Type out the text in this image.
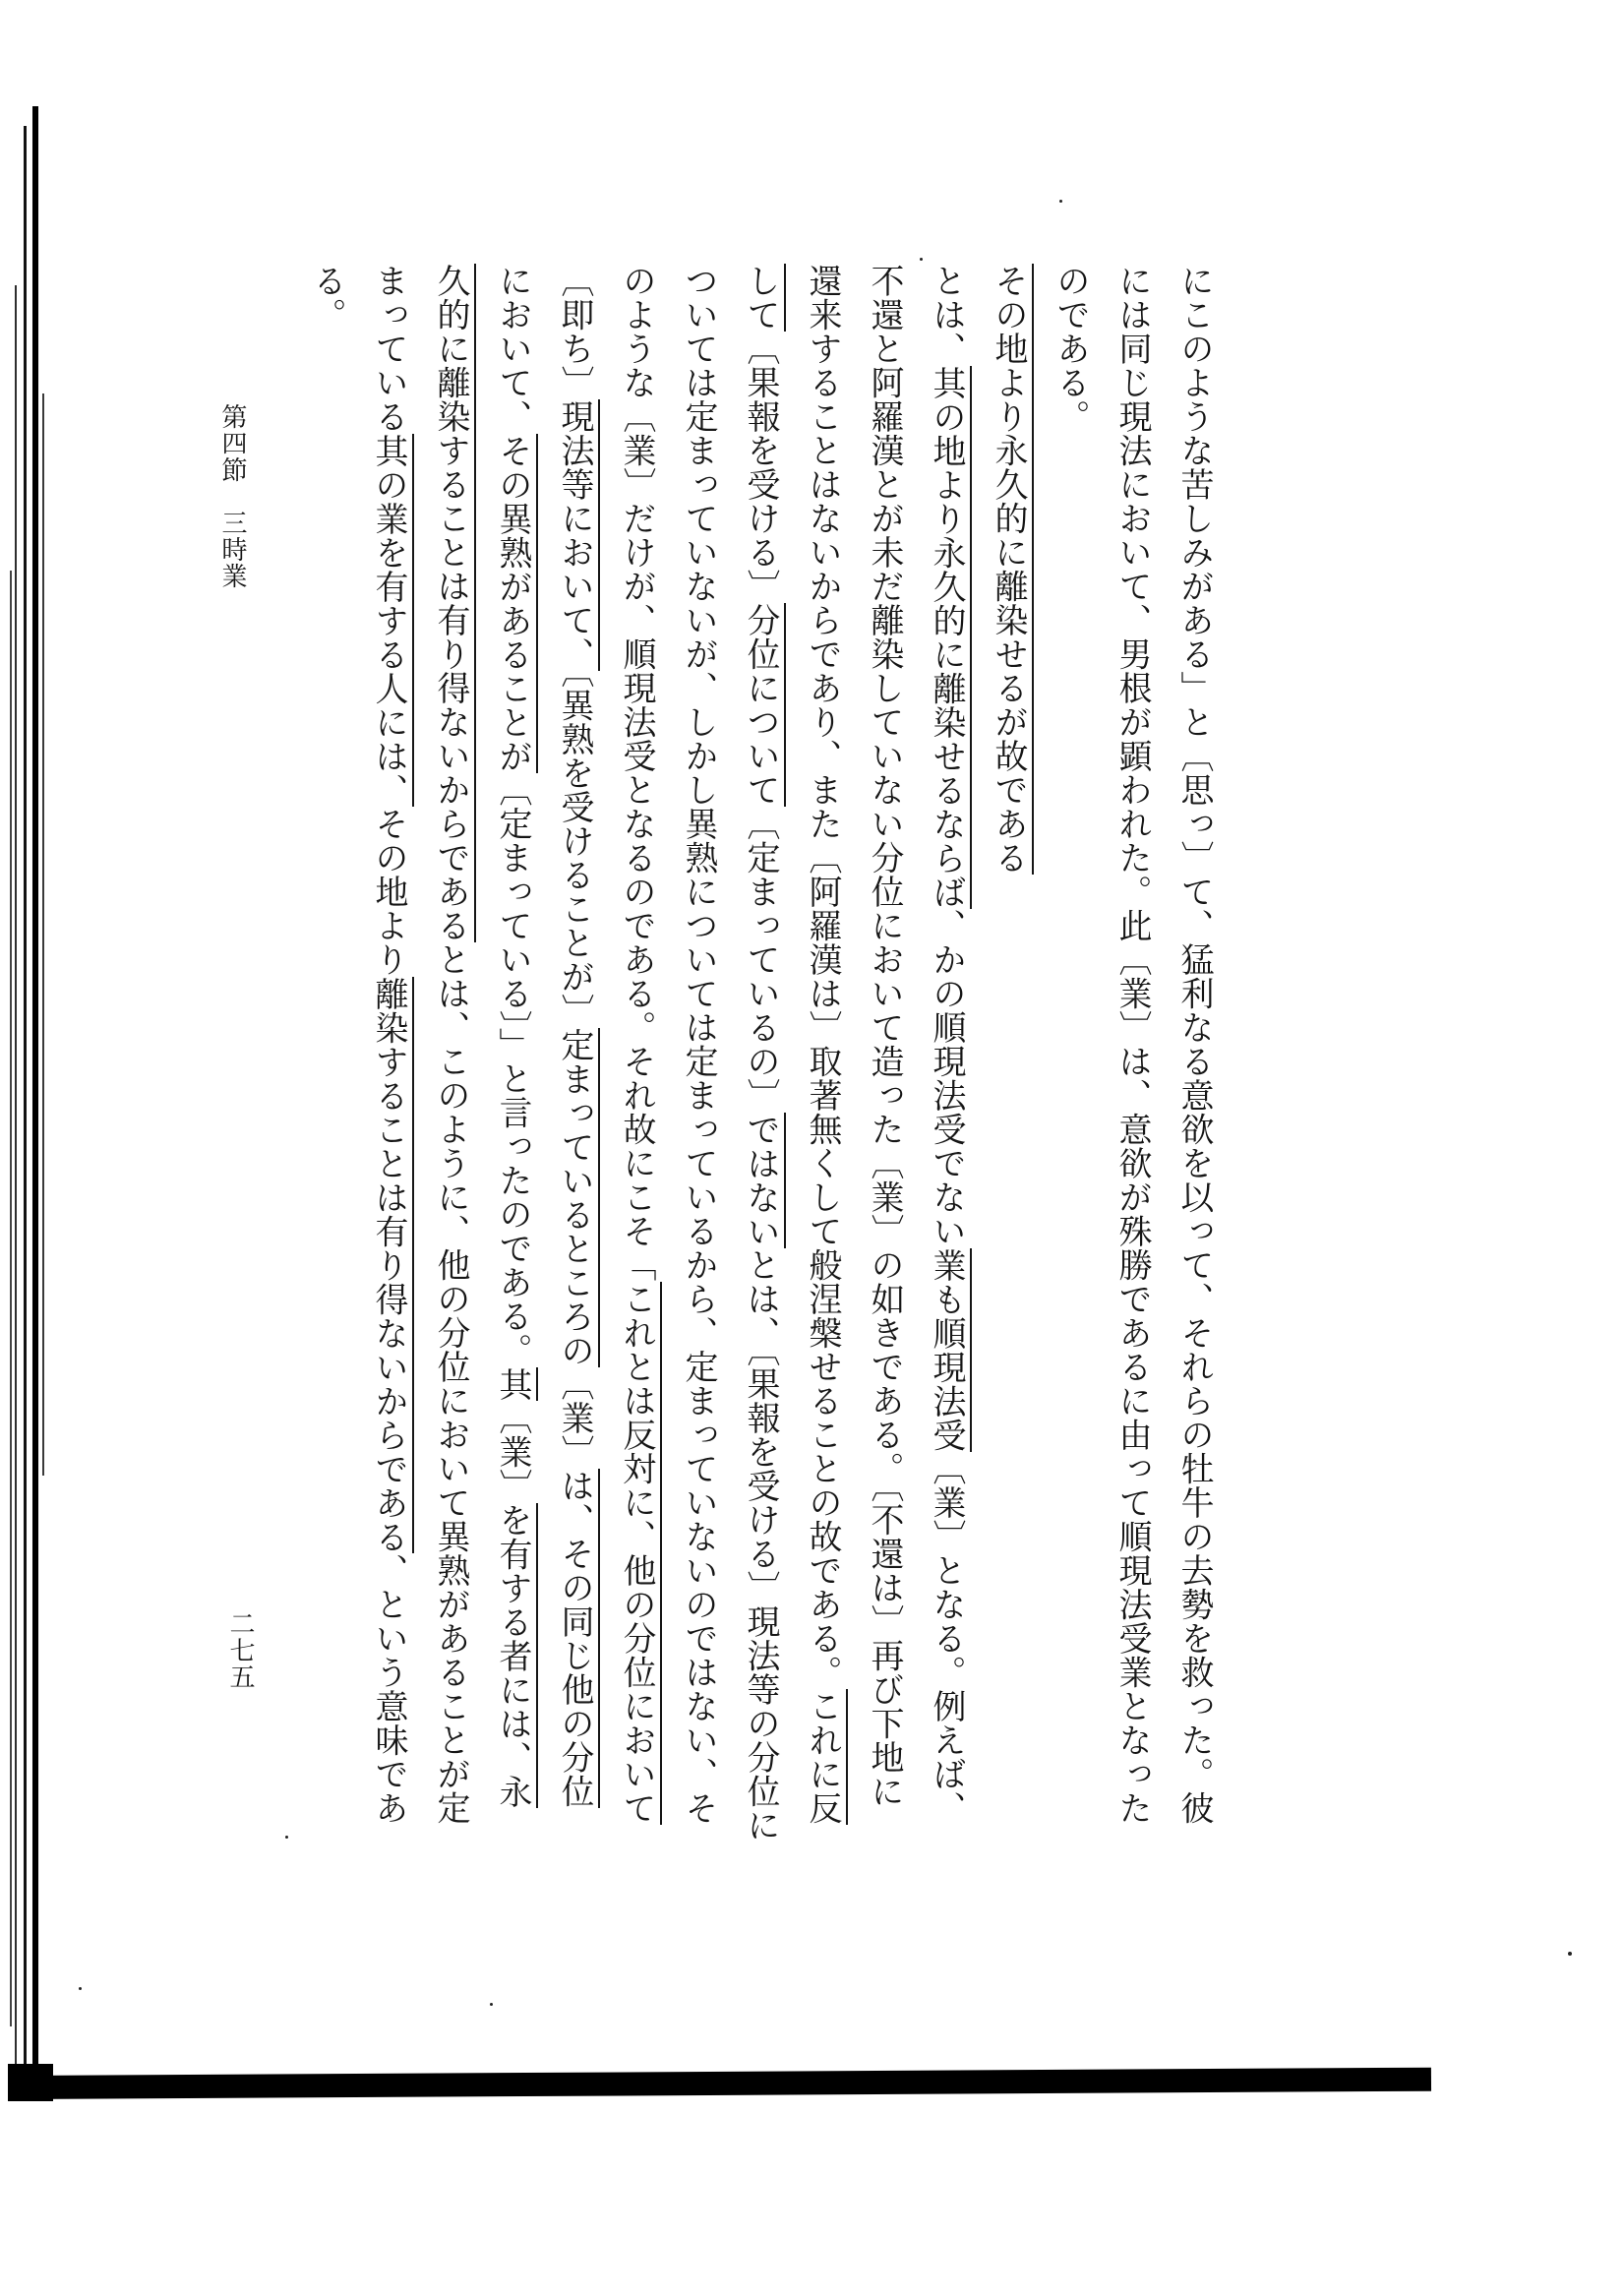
第四節　三時業	にこのような苦しみがある」と〔思っ〕て、猛利なる意欲を以って、それらの牡牛の去勢を救った。彼

には同じ現法において、男根が顕われた。此〔業〕は、意欲が殊勝であるに由って順現法受業となった

のである。

その地より永久的に離染せるが故である

とは、其の地より永久的に離染せるならば、かの順現法受でない業も順現法受〔業〕となる。例えば、

不還と阿羅漢とが未だ離染していない分位において造った〔業〕の如きである。〔不還は〕再び下地に

還来することはないからであり、また〔阿羅漢は〕取著無くして般涅槃せることの故である。これに反

して〔果報を受ける〕分位について〔定まっているの〕ではないとは、〔果報を受ける〕現法等の分位に

ついては定まっていないが、しかし異熟については定まっているから、定まっていないのではない、そ

のような〔業〕だけが、順現法受となるのである。それ故にこそ「これとは反対に、他の分位において

〔即ち〕現法等において、〔異熟を受けることが〕定まっているところの〔業〕は、その同じ他の分位

において、その異熟があることが〔定まっている〕」と言ったのである。其〔業〕を有する者には、永

久的に離染することは有り得ないからであるとは、このように、他の分位において異熟があることが定

まっている其の業を有する人には、その地より離染することは有り得ないからである、という意味であ

る。

二七五
